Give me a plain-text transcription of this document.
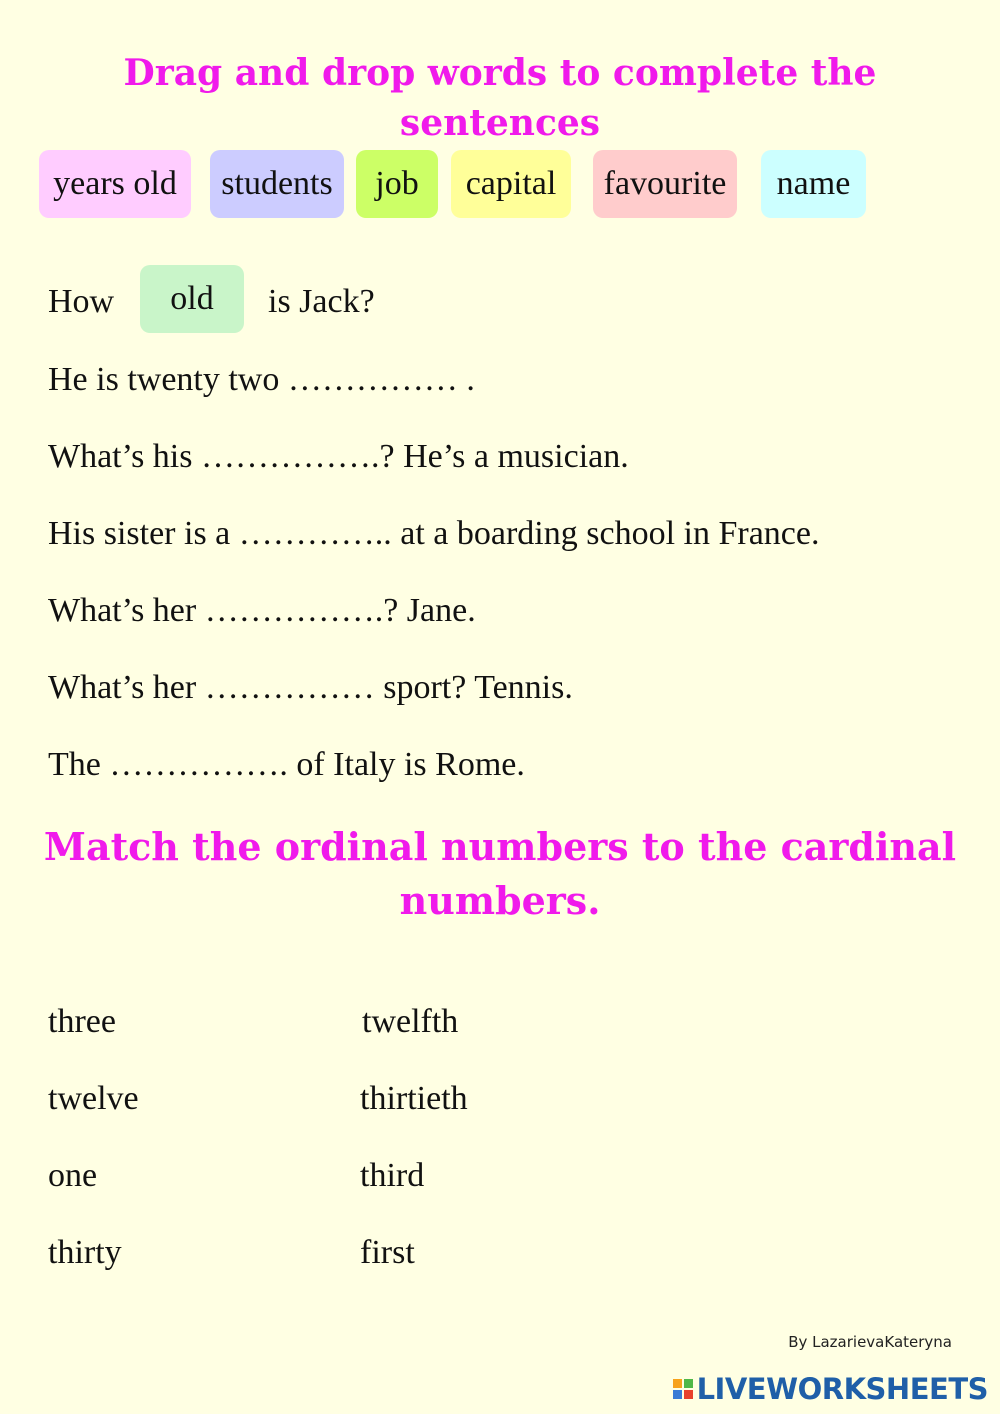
Drag and drop words to complete the
sentences
years old	students	job	capital	favourite	name
How	old	is Jack?
He is twenty two …………… .
What’s his …………….? He’s a musician.
His sister is a ………….. at a boarding school in France.
What’s her …………….? Jane.
What’s her …………… sport? Tennis.
The ……………. of Italy is Rome.
Match the ordinal numbers to the cardinal
numbers.
three	twelfth
twelve	thirtieth
one	third
thirty	first
By LazarievaKateryna
LIVEWORKSHEETS
